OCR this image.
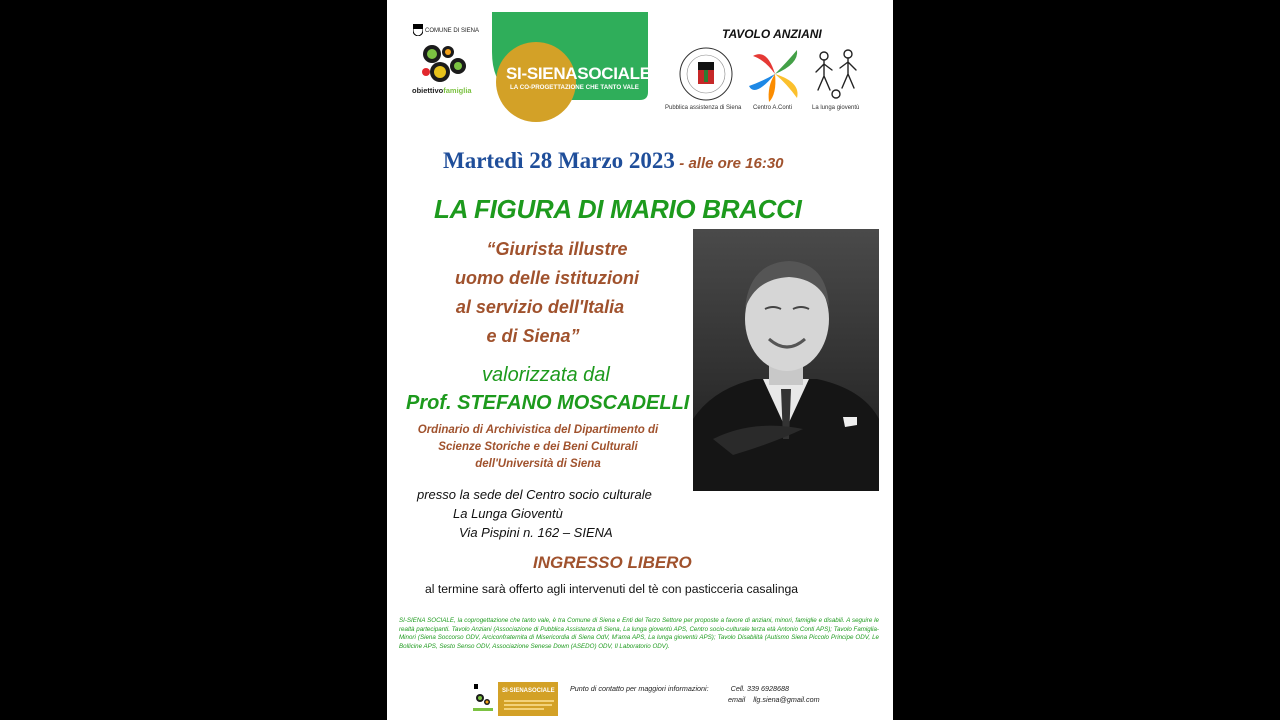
COMUNE DI SIENA
obiettivofamiglia
SI-SIENASOCIALE
LA CO-PROGETTAZIONE CHE TANTO VALE
TAVOLO ANZIANI
Pubblica assistenza di Siena Centro A.Conti	La lunga gioventù
Martedì 28 Marzo 2023 - alle ore 16:30
LA FIGURA DI MARIO BRACCI
“Giurista illustre
uomo delle istituzioni
al servizio dell'Italia
e di Siena”
valorizzata dal
Prof. STEFANO MOSCADELLI
Ordinario di Archivistica del Dipartimento di
Scienze Storiche e dei Beni Culturali
dell'Università di Siena
presso la sede del Centro socio culturale
La Lunga Gioventù
Via Pispini n. 162 – SIENA
INGRESSO LIBERO
al termine sarà offerto agli intervenuti del tè con pasticceria casalinga
SI-SIENA SOCIALE, la coprogettazione che tanto vale, è tra Comune di Siena e Enti del Terzo Settore per proposte a favore di anziani, minori, famiglie e disabili. A seguire le realtà partecipanti. Tavolo Anziani (Associazione di Pubblica Assistenza di Siena, La lunga gioventù APS, Centro socio-culturale terza età Antonio Conti APS); Tavolo Famiglia-Minori (Siena Soccorso ODV, Arciconfraternita di Misericordia di Siena OdV, M'ama APS, La lunga gioventù APS); Tavolo Disabilità (Autismo Siena Piccolo Principe ODV, Le Bollicine APS, Sesto Senso ODV, Associazione Senese Down (ASEDO) ODV, Il Laboratorio ODV).
SI-SIENASOCIALE Punto di contatto per maggiori informazioni:	Cell. 339 6928688
email llg.siena@gmail.com
